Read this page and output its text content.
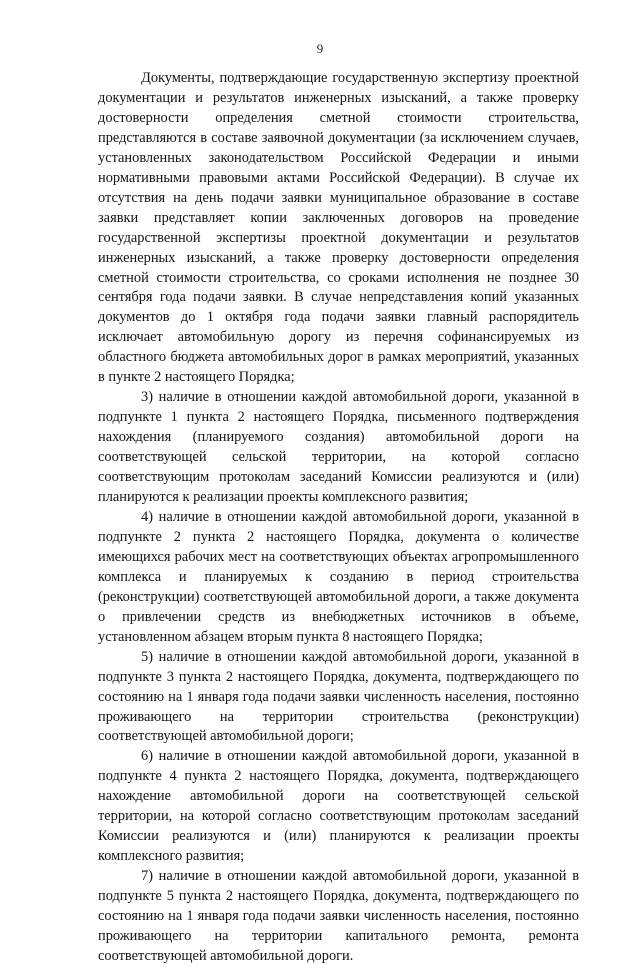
9

Документы, подтверждающие государственную экспертизу проектной документации и результатов инженерных изысканий, а также проверку достоверности определения сметной стоимости строительства, представляются в составе заявочной документации (за исключением случаев, установленных законодательством Российской Федерации и иными нормативными правовыми актами Российской Федерации). В случае их отсутствия на день подачи заявки муниципальное образование в составе заявки представляет копии заключенных договоров на проведение государственной экспертизы проектной документации и результатов инженерных изысканий, а также проверку достоверности определения сметной стоимости строительства, со сроками исполнения не позднее 30 сентября года подачи заявки. В случае непредставления копий указанных документов до 1 октября года подачи заявки главный распорядитель исключает автомобильную дорогу из перечня софинансируемых из областного бюджета автомобильных дорог в рамках мероприятий, указанных в пункте 2 настоящего Порядка;

3) наличие в отношении каждой автомобильной дороги, указанной в подпункте 1 пункта 2 настоящего Порядка, письменного подтверждения нахождения (планируемого создания) автомобильной дороги на соответствующей сельской территории, на которой согласно соответствующим протоколам заседаний Комиссии реализуются и (или) планируются к реализации проекты комплексного развития;

4) наличие в отношении каждой автомобильной дороги, указанной в подпункте 2 пункта 2 настоящего Порядка, документа о количестве имеющихся рабочих мест на соответствующих объектах агропромышленного комплекса и планируемых к созданию в период строительства (реконструкции) соответствующей автомобильной дороги, а также документа о привлечении средств из внебюджетных источников в объеме, установленном абзацем вторым пункта 8 настоящего Порядка;

5) наличие в отношении каждой автомобильной дороги, указанной в подпункте 3 пункта 2 настоящего Порядка, документа, подтверждающего по состоянию на 1 января года подачи заявки численность населения, постоянно проживающего на территории строительства (реконструкции) соответствующей автомобильной дороги;

6) наличие в отношении каждой автомобильной дороги, указанной в подпункте 4 пункта 2 настоящего Порядка, документа, подтверждающего нахождение автомобильной дороги на соответствующей сельской территории, на которой согласно соответствующим протоколам заседаний Комиссии реализуются и (или) планируются к реализации проекты комплексного развития;

7) наличие в отношении каждой автомобильной дороги, указанной в подпункте 5 пункта 2 настоящего Порядка, документа, подтверждающего по состоянию на 1 января года подачи заявки численность населения, постоянно проживающего на территории капитального ремонта, ремонта соответствующей автомобильной дороги.
